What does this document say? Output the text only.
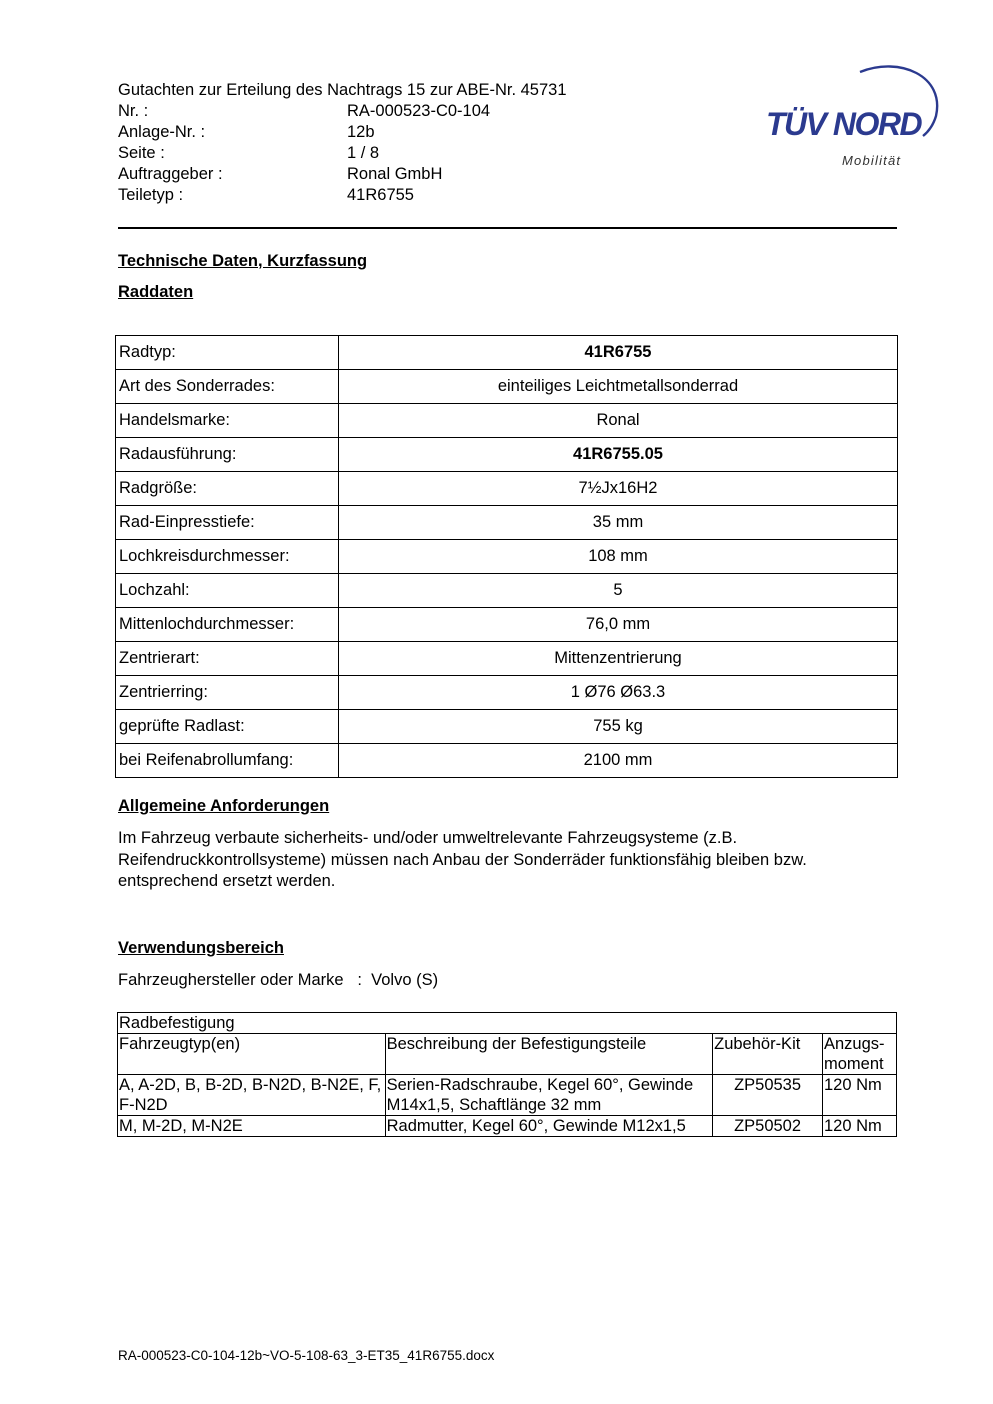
Gutachten zur Erteilung des Nachtrags 15 zur ABE-Nr. 45731
Nr. :	RA-000523-C0-104
Anlage-Nr. :	12b
Seite :	1 / 8
Auftraggeber :	Ronal GmbH
Teiletyp :	41R6755
TÜV NORD
Mobilität
Technische Daten, Kurzfassung
Raddaten
Radtyp:	41R6755
Art des Sonderrades:	einteiliges Leichtmetallsonderrad
Handelsmarke:	Ronal
Radausführung:	41R6755.05
Radgröße:	7½Jx16H2
Rad-Einpresstiefe:	35 mm
Lochkreisdurchmesser:	108 mm
Lochzahl:	5
Mittenlochdurchmesser:	76,0 mm
Zentrierart:	Mittenzentrierung
Zentrierring:	1 Ø76 Ø63.3
geprüfte Radlast:	755 kg
bei Reifenabrollumfang:	2100 mm
Allgemeine Anforderungen
Im Fahrzeug verbaute sicherheits- und/oder umweltrelevante Fahrzeugsysteme (z.B. Reifendruckkontrollsysteme) müssen nach Anbau der Sonderräder funktionsfähig bleiben bzw. entsprechend ersetzt werden.
Verwendungsbereich
Fahrzeughersteller oder Marke : Volvo (S)
Radbefestigung			
Fahrzeugtyp(en)	Beschreibung der Befestigungsteile	Zubehör-Kit	Anzugs-moment
A, A-2D, B, B-2D, B-N2D, B-N2E, F, F-N2D	Serien-Radschraube, Kegel 60°, Gewinde M14x1,5, Schaftlänge 32 mm	ZP50535	120 Nm
M, M-2D, M-N2E	Radmutter, Kegel 60°, Gewinde M12x1,5	ZP50502	120 Nm
RA-000523-C0-104-12b~VO-5-108-63_3-ET35_41R6755.docx
